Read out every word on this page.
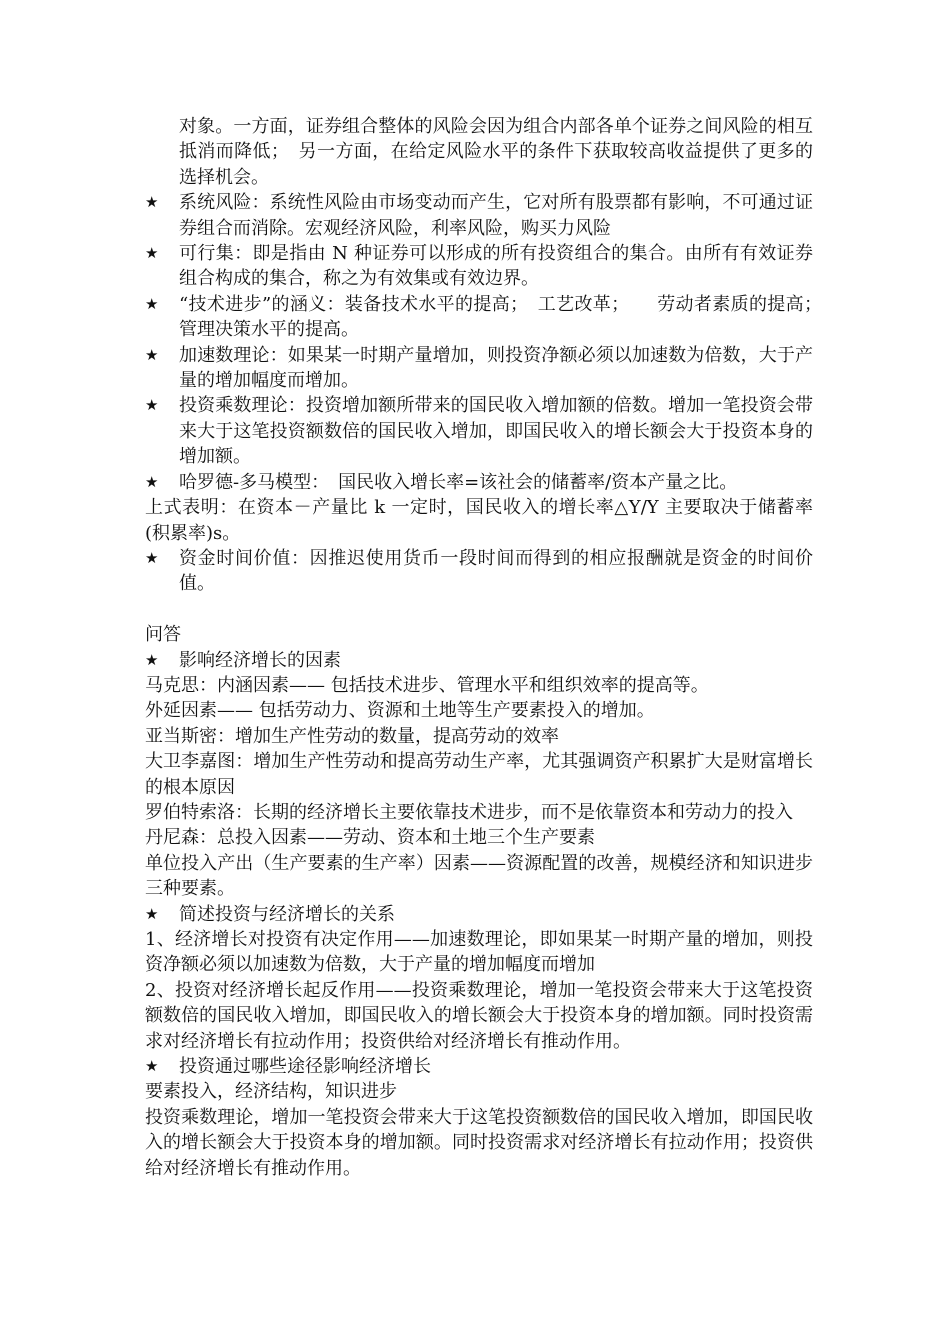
对象。一方面，证券组合整体的风险会因为组合内部各单个证券之间风险的相互抵消而降低；　另一方面，在给定风险水平的条件下获取较高收益提供了更多的选择机会。

★	系统风险：系统性风险由市场变动而产生，它对所有股票都有影响，不可通过证券组合而消除。宏观经济风险，利率风险，购买力风险

★	可行集：即是指由 N 种证券可以形成的所有投资组合的集合。由所有有效证券组合构成的集合，称之为有效集或有效边界。

★	“技术进步”的涵义：装备技术水平的提高；　工艺改革；　　劳动者素质的提高；　管理决策水平的提高。

★	加速数理论：如果某一时期产量增加，则投资净额必须以加速数为倍数，大于产量的增加幅度而增加。

★	投资乘数理论：投资增加额所带来的国民收入增加额的倍数。增加一笔投资会带来大于这笔投资额数倍的国民收入增加，即国民收入的增长额会大于投资本身的增加额。

★	哈罗德-多马模型：　国民收入增长率=该社会的储蓄率/资本产量之比。

上式表明：在资本－产量比 k 一定时，国民收入的增长率△Y/Y 主要取决于储蓄率(积累率)s。

★	资金时间价值：因推迟使用货币一段时间而得到的相应报酬就是资金的时间价值。

问答

★	影响经济增长的因素

马克思：内涵因素—— 包括技术进步、管理水平和组织效率的提高等。

外延因素—— 包括劳动力、资源和土地等生产要素投入的增加。

亚当斯密：增加生产性劳动的数量，提高劳动的效率

大卫李嘉图：增加生产性劳动和提高劳动生产率，尤其强调资产积累扩大是财富增长的根本原因

罗伯特索洛：长期的经济增长主要依靠技术进步，而不是依靠资本和劳动力的投入

丹尼森：总投入因素——劳动、资本和土地三个生产要素

单位投入产出（生产要素的生产率）因素——资源配置的改善，规模经济和知识进步三种要素。

★	简述投资与经济增长的关系

1、经济增长对投资有决定作用——加速数理论，即如果某一时期产量的增加，则投资净额必须以加速数为倍数，大于产量的增加幅度而增加

2、投资对经济增长起反作用——投资乘数理论，增加一笔投资会带来大于这笔投资额数倍的国民收入增加，即国民收入的增长额会大于投资本身的增加额。同时投资需求对经济增长有拉动作用；投资供给对经济增长有推动作用。

★	投资通过哪些途径影响经济增长

要素投入，经济结构，知识进步

投资乘数理论，增加一笔投资会带来大于这笔投资额数倍的国民收入增加，即国民收入的增长额会大于投资本身的增加额。同时投资需求对经济增长有拉动作用；投资供给对经济增长有推动作用。
